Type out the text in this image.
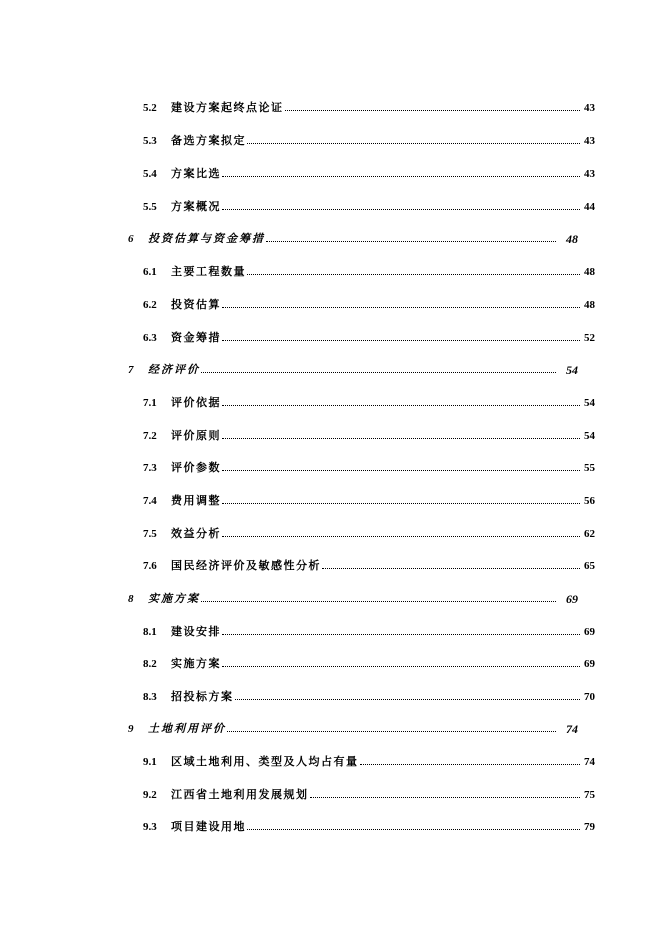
5.2 建设方案起终点论证	43
5.3 备选方案拟定	43
5.4 方案比选	43
5.5 方案概况	44
6 投资估算与资金筹措	48
6.1 主要工程数量	48
6.2 投资估算	48
6.3 资金筹措	52
7 经济评价	54
7.1 评价依据	54
7.2 评价原则	54
7.3 评价参数	55
7.4 费用调整	56
7.5 效益分析	62
7.6 国民经济评价及敏感性分析	65
8 实施方案	69
8.1 建设安排	69
8.2 实施方案	69
8.3 招投标方案	70
9 土地利用评价	74
9.1 区域土地利用、类型及人均占有量	74
9.2 江西省土地利用发展规划	75
9.3 项目建设用地	79
